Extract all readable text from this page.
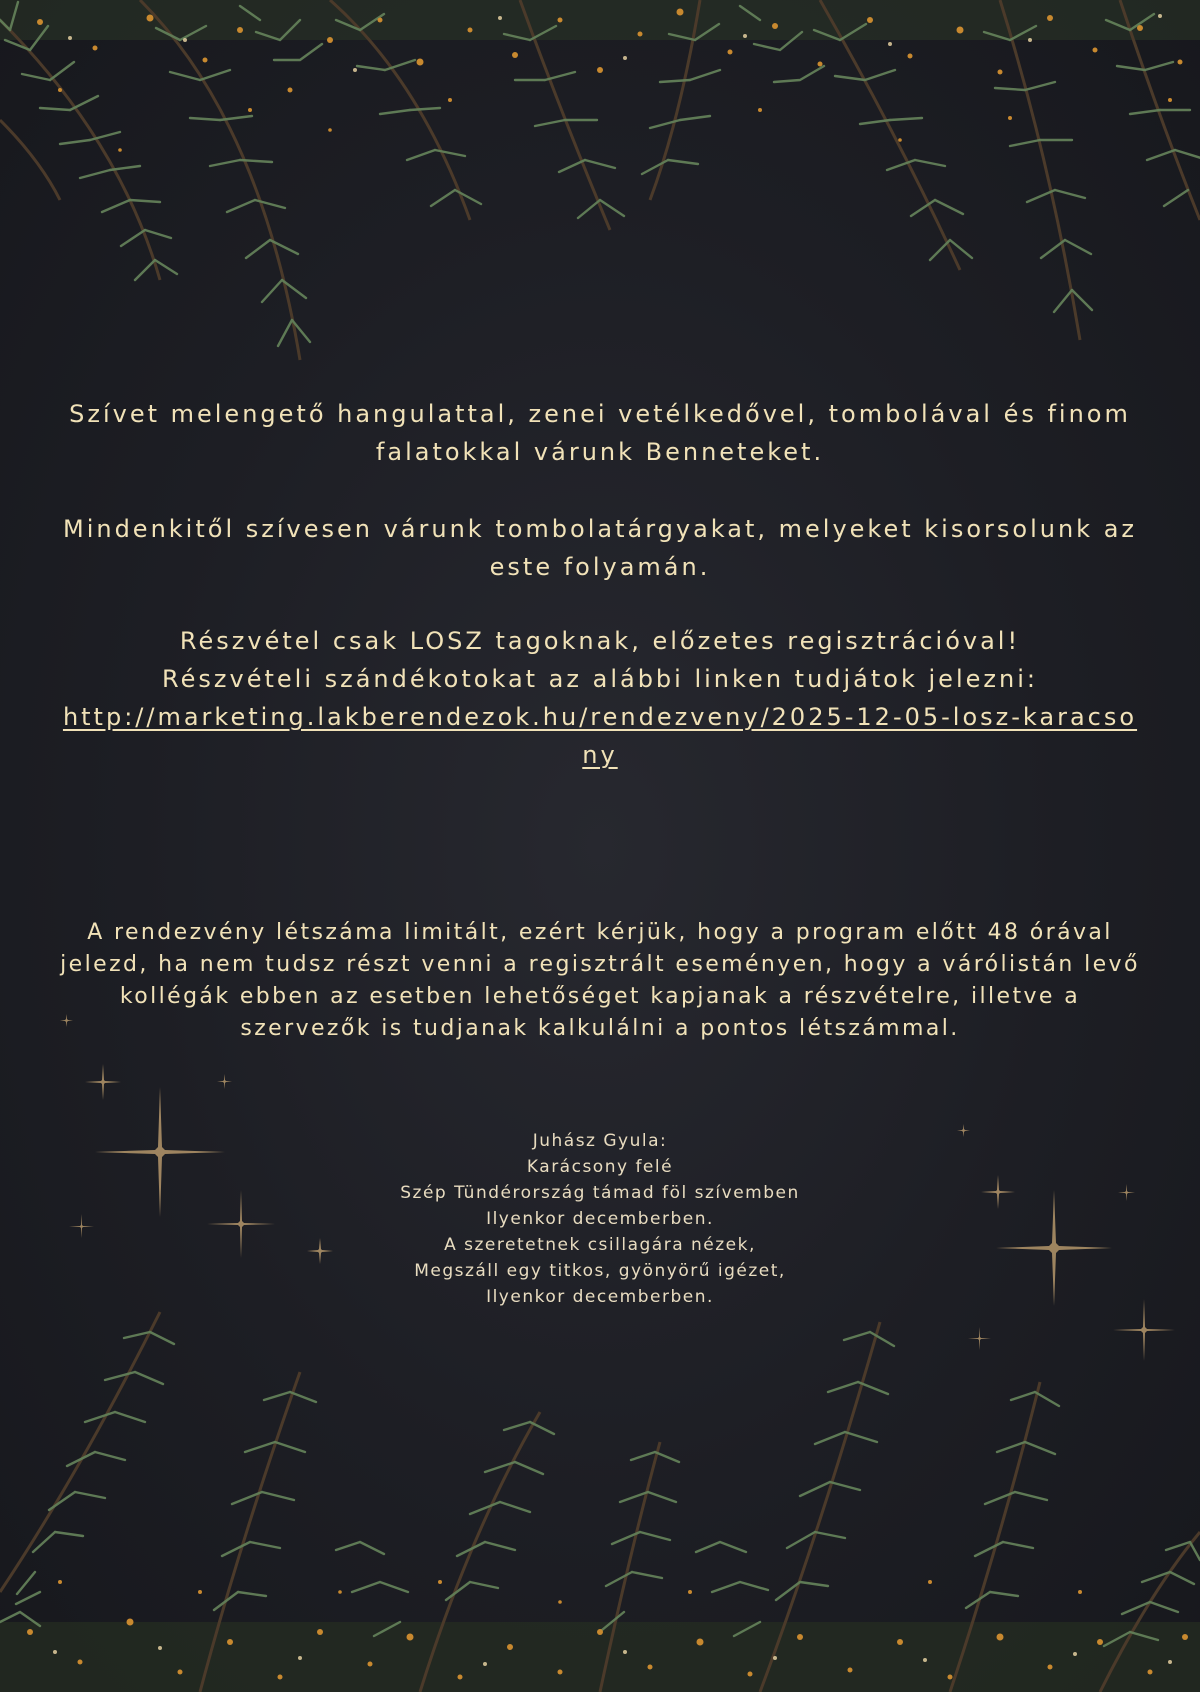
Szívet melengető hangulattal, zenei vetélkedővel, tombolával és finom falatokkal várunk Benneteket.
Mindenkitől szívesen várunk tombolatárgyakat, melyeket kisorsolunk az este folyamán.
Részvétel csak LOSZ tagoknak, előzetes regisztrációval!
Részvételi szándékotokat az alábbi linken tudjátok jelezni:
http://marketing.lakberendezok.hu/rendezveny/2025-12-05-losz-karacsony
A rendezvény létszáma limitált, ezért kérjük, hogy a program előtt 48 órával jelezd, ha nem tudsz részt venni a regisztrált eseményen, hogy a várólistán levő kollégák ebben az esetben lehetőséget kapjanak a részvételre, illetve a szervezők is tudjanak kalkulálni a pontos létszámmal.
Juhász Gyula:
Karácsony felé
Szép Tündérország támad föl szívemben
Ilyenkor decemberben.
A szeretetnek csillagára nézek,
Megszáll egy titkos, gyönyörű igézet,
Ilyenkor decemberben.
